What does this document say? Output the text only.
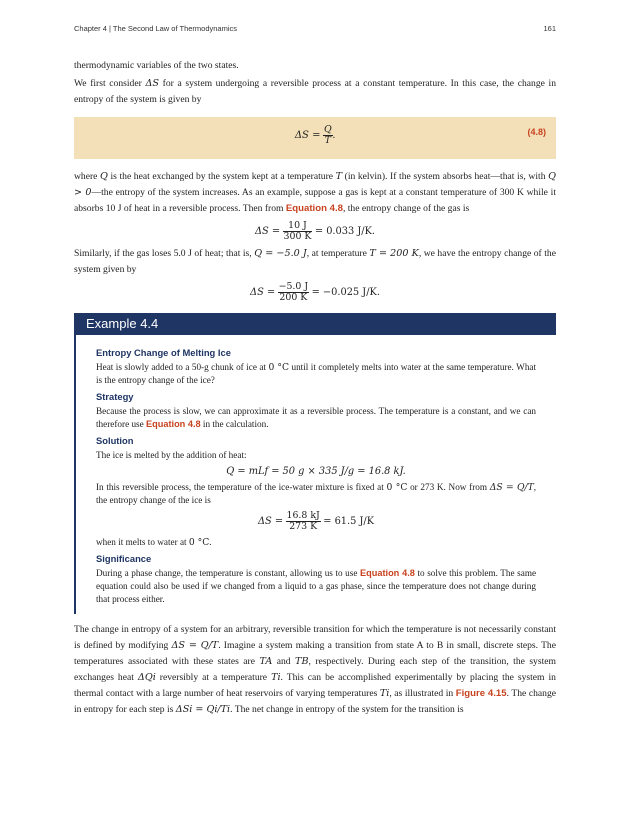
Chapter 4 | The Second Law of Thermodynamics	161

thermodynamic variables of the two states.

We first consider ΔS for a system undergoing a reversible process at a constant temperature. In this case, the change in entropy of the system is given by

$\Delta S = \frac{Q}{T}$ .	(4.8)

where Q is the heat exchanged by the system kept at a temperature T (in kelvin). If the system absorbs heat—that is, with Q > 0—the entropy of the system increases. As an example, suppose a gas is kept at a constant temperature of 300 K while it absorbs 10 J of heat in a reversible process. Then from Equation 4.8, the entropy change of the gas is

$\Delta S = \frac{10 J}{300 K} = 0.033$ J/K.

Similarly, if the gas loses 5.0 J of heat; that is, Q = −5.0 J, at temperature T = 200 K, we have the entropy change of the system given by

$\Delta S = \frac{-5.0 J}{200 K} = -0.025$ J/K.
Example 4.4
Entropy Change of Melting Ice

Heat is slowly added to a 50-g chunk of ice at 0 °C until it completely melts into water at the same temperature. What is the entropy change of the ice?

Strategy

Because the process is slow, we can approximate it as a reversible process. The temperature is a constant, and we can therefore use Equation 4.8 in the calculation.

Solution

The ice is melted by the addition of heat:

Q = mLf = 50 g × 335 J/g = 16.8 kJ.

In this reversible process, the temperature of the ice-water mixture is fixed at 0 °C or 273 K. Now from ΔS = Q/T, the entropy change of the ice is

$\Delta S = \frac{16.8 kJ}{273 K} = 61.5$ J/K

when it melts to water at 0 °C.

Significance

During a phase change, the temperature is constant, allowing us to use Equation 4.8 to solve this problem. The same equation could also be used if we changed from a liquid to a gas phase, since the temperature does not change during that process either.

The change in entropy of a system for an arbitrary, reversible transition for which the temperature is not necessarily constant is defined by modifying ΔS = Q/T. Imagine a system making a transition from state A to B in small, discrete steps. The temperatures associated with these states are TA and TB, respectively. During each step of the transition, the system exchanges heat ΔQi reversibly at a temperature Ti. This can be accomplished experimentally by placing the system in thermal contact with a large number of heat reservoirs of varying temperatures Ti, as illustrated in Figure 4.15. The change in entropy for each step is ΔSi = Qi/Ti. The net change in entropy of the system for the transition is
